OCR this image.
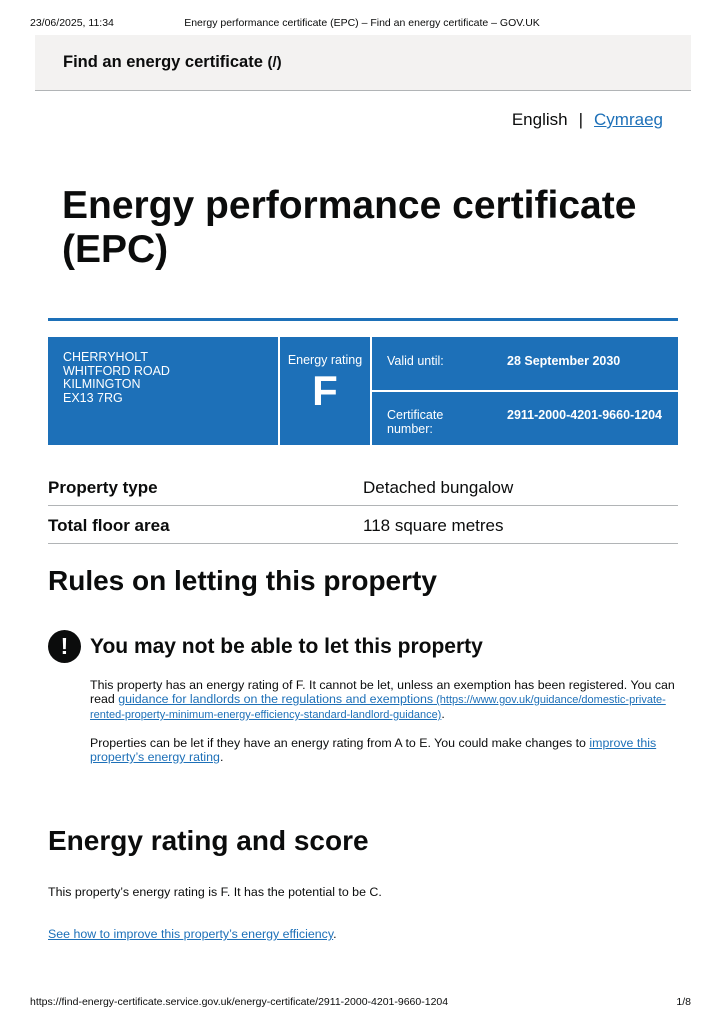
23/06/2025, 11:34	Energy performance certificate (EPC) – Find an energy certificate – GOV.UK
Find an energy certificate (/)
English | Cymraeg
Energy performance certificate (EPC)
CHERRYHOLT
WHITFORD ROAD
KILMINGTON
EX13 7RG
Energy rating
F
Valid until:	28 September 2030
Certificate number:
2911-2000-4201-9660-1204
Property type	Detached bungalow
Total floor area	118 square metres
Rules on letting this property
!	You may not be able to let this property

This property has an energy rating of F. It cannot be let, unless an exemption has been registered. You can read guidance for landlords on the regulations and exemptions (https://www.gov.uk/guidance/domestic-private-rented-property-minimum-energy-efficiency-standard-landlord-guidance).

Properties can be let if they have an energy rating from A to E. You could make changes to improve this property’s energy rating.

Energy rating and score

This property’s energy rating is F. It has the potential to be C.

See how to improve this property’s energy efficiency.

https://find-energy-certificate.service.gov.uk/energy-certificate/2911-2000-4201-9660-1204	1/8
